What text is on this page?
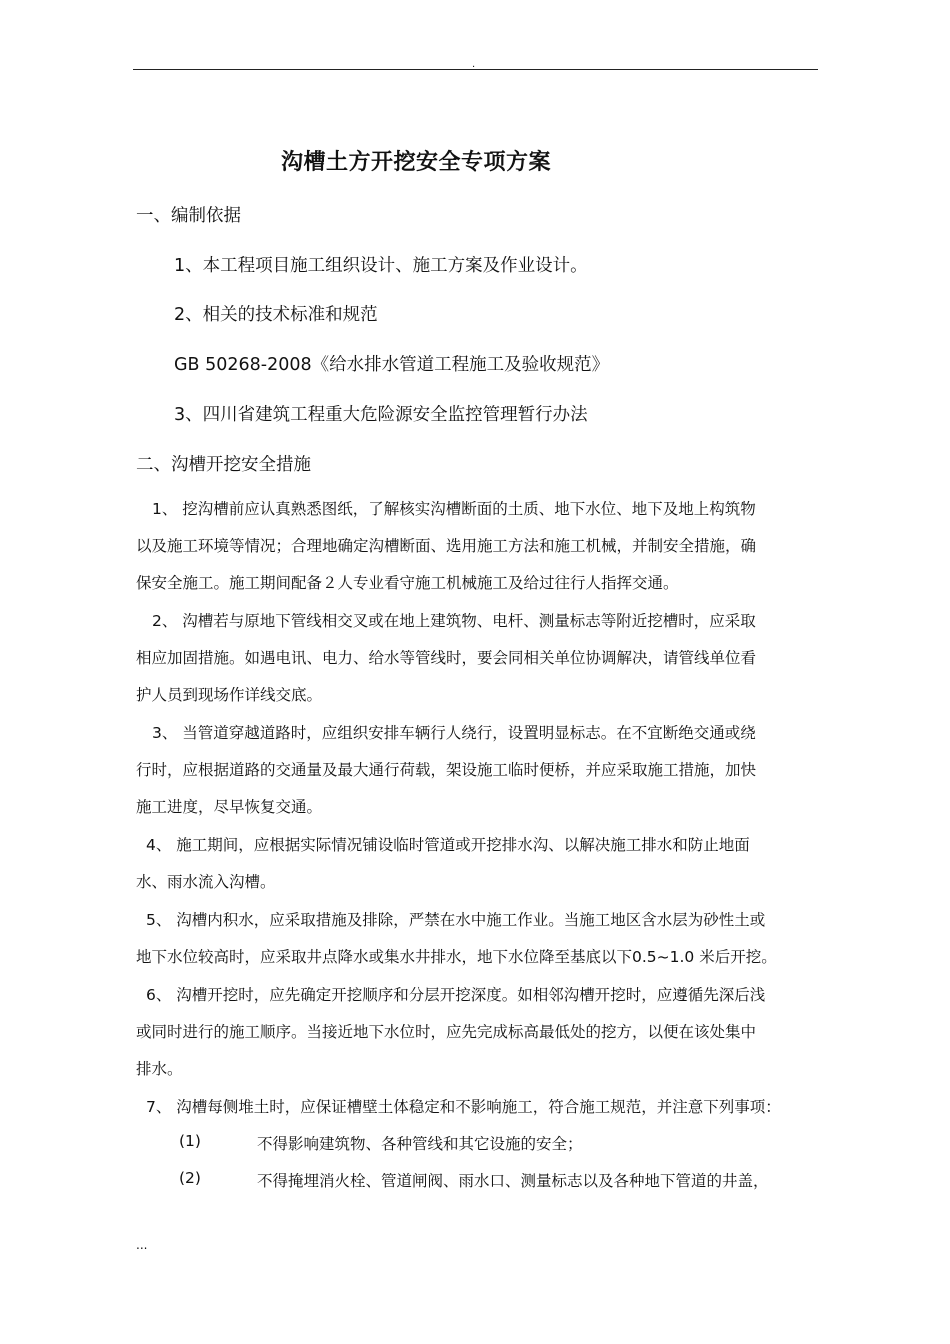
.
沟槽土方开挖安全专项方案
一、编制依据
1、本工程项目施工组织设计、施工方案及作业设计。
2、相关的技术标准和规范
GB 50268-2008《给水排水管道工程施工及验收规范》
3、四川省建筑工程重大危险源安全监控管理暂行办法
二、沟槽开挖安全措施
1、 挖沟槽前应认真熟悉图纸，了解核实沟槽断面的土质、地下水位、地下及地上构筑物
以及施工环境等情况；合理地确定沟槽断面、选用施工方法和施工机械，并制安全措施，确
保安全施工。施工期间配备２人专业看守施工机械施工及给过往行人指挥交通。
2、 沟槽若与原地下管线相交叉或在地上建筑物、电杆、测量标志等附近挖槽时，应采取
相应加固措施。如遇电讯、电力、给水等管线时，要会同相关单位协调解决，请管线单位看
护人员到现场作详线交底。
3、 当管道穿越道路时，应组织安排车辆行人绕行，设置明显标志。在不宜断绝交通或绕
行时，应根据道路的交通量及最大通行荷载，架设施工临时便桥，并应采取施工措施，加快
施工进度，尽早恢复交通。
4、 施工期间，应根据实际情况铺设临时管道或开挖排水沟、以解决施工排水和防止地面
水、雨水流入沟槽。
5、 沟槽内积水，应采取措施及排除，严禁在水中施工作业。当施工地区含水层为砂性土或
地下水位较高时，应采取井点降水或集水井排水，地下水位降至基底以下0.5~1.0 米后开挖。
6、 沟槽开挖时，应先确定开挖顺序和分层开挖深度。如相邻沟槽开挖时，应遵循先深后浅
或同时进行的施工顺序。当接近地下水位时，应先完成标高最低处的挖方，以便在该处集中
排水。
7、 沟槽每侧堆土时，应保证槽壁土体稳定和不影响施工，符合施工规范，并注意下列事项：
(1)	不得影响建筑物、各种管线和其它设施的安全；
(2)	不得掩埋消火栓、管道闸阀、雨水口、测量标志以及各种地下管道的井盖，
...
